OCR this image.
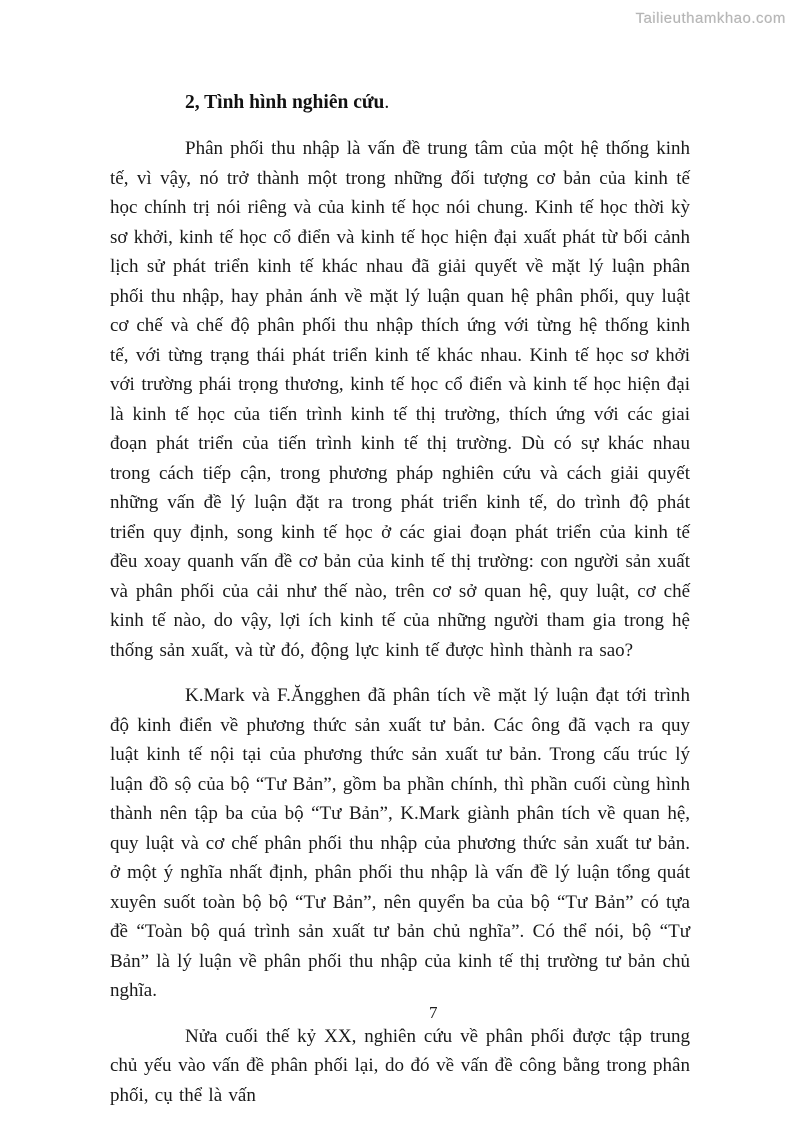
Tailieuthamkhao.com
2, Tình hình nghiên cứu.

Phân phối thu nhập là vấn đề trung tâm của một hệ thống kinh tế, vì vậy, nó trở thành một trong những đối tượng cơ bản của kinh tế học chính trị nói riêng và của kinh tế học nói chung. Kinh tế học thời kỳ sơ khởi, kinh tế học cổ điển và kinh tế học hiện đại xuất phát từ bối cảnh lịch sử phát triển kinh tế khác nhau đã giải quyết về mặt lý luận phân phối thu nhập, hay phản ánh về mặt lý luận quan hệ phân phối, quy luật cơ chế và chế độ phân phối thu nhập thích ứng với từng hệ thống kinh tế, với từng trạng thái phát triển kinh tế khác nhau. Kinh tế học sơ khởi với trường phái trọng thương, kinh tế học cổ điển và kinh tế học hiện đại là kinh tế học của tiến trình kinh tế thị trường, thích ứng với các giai đoạn phát triển của tiến trình kinh tế thị trường. Dù có sự khác nhau trong cách tiếp cận, trong phương pháp nghiên cứu và cách giải quyết những vấn đề lý luận đặt ra trong phát triển kinh tế, do trình độ phát triển quy định, song kinh tế học ở các giai đoạn phát triển của kinh tế đều xoay quanh vấn đề cơ bản của kinh tế thị trường: con người sản xuất và phân phối của cải như thế nào, trên cơ sở quan hệ, quy luật, cơ chế kinh tế nào, do vậy, lợi ích kinh tế của những người tham gia trong hệ thống sản xuất, và từ đó, động lực kinh tế được hình thành ra sao?

K.Mark và F.Ăngghen đã phân tích về mặt lý luận đạt tới trình độ kinh điển về phương thức sản xuất tư bản. Các ông đã vạch ra quy luật kinh tế nội tại của phương thức sản xuất tư bản. Trong cấu trúc lý luận đồ sộ của bộ “Tư Bản”, gồm ba phần chính, thì phần cuối cùng hình thành nên tập ba của bộ “Tư Bản”, K.Mark giành phân tích về quan hệ, quy luật và cơ chế phân phối thu nhập của phương thức sản xuất tư bản. ở một ý nghĩa nhất định, phân phối thu nhập là vấn đề lý luận tổng quát xuyên suốt toàn bộ bộ “Tư Bản”, nên quyển ba của bộ “Tư Bản” có tựa đề “Toàn bộ quá trình sản xuất tư bản chủ nghĩa”. Có thể nói, bộ “Tư Bản” là lý luận về phân phối thu nhập của kinh tế thị trường tư bản chủ nghĩa.

Nửa cuối thế kỷ XX, nghiên cứu về phân phối được tập trung chủ yếu vào vấn đề phân phối lại, do đó về vấn đề công bằng trong phân phối, cụ thể là vấn

7
